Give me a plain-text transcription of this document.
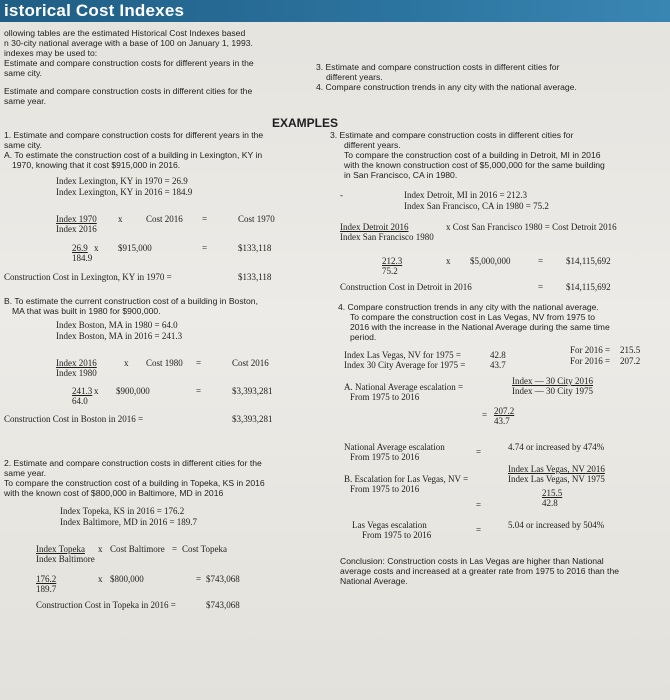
istorical Cost Indexes
ollowing tables are the estimated Historical Cost Indexes based
n 30-city national average with a base of 100 on January 1, 1993.
indexes may be used to:
Estimate and compare construction costs for different years in the
same city.
Estimate and compare construction costs in different cities for the
same year.
3. Estimate and compare construction costs in different cities for
different years.
4. Compare construction trends in any city with the national average.
EXAMPLES
1. Estimate and compare construction costs for different years in the
same city.
A. To estimate the construction cost of a building in Lexington, KY in
1970, knowing that it cost $915,000 in 2016.
Index Lexington, KY in 1970 = 26.9
Index Lexington, KY in 2016 = 184.9
Index 1970 x	Cost 2016 =	Cost 1970
Index 2016
26.9 x $915,000	=	$133,118
184.9
Construction Cost in Lexington, KY in 1970 =	$133,118
B. To estimate the current construction cost of a building in Boston,
MA that was built in 1980 for $900,000.
Index Boston, MA in 1980 = 64.0
Index Boston, MA in 2016 = 241.3
Index 2016	x Cost 1980 =	Cost 2016
Index 1980
241.3 x $900,000	=	$3,393,281
64.0
Construction Cost in Boston in 2016 =	$3,393,281
2. Estimate and compare construction costs in different cities for the
same year.
To compare the construction cost of a building in Topeka, KS in 2016
with the known cost of $800,000 in Baltimore, MD in 2016
Index Topeka, KS in 2016 = 176.2
Index Baltimore, MD in 2016 = 189.7
Index Topeka x Cost Baltimore = Cost Topeka
Index Baltimore
176.2	x $800,000	= $743,068
189.7
Construction Cost in Topeka in 2016 =	$743,068
3. Estimate and compare construction costs in different cities for
different years.
To compare the construction cost of a building in Detroit, MI in 2016
with the known construction cost of $5,000,000 for the same building
in San Francisco, CA in 1980.
-	Index Detroit, MI in 2016 = 212.3
Index San Francisco, CA in 1980 = 75.2
Index Detroit 2016	x Cost San Francisco 1980 = Cost Detroit 2016
Index San Francisco 1980
212.3	x $5,000,000	=	$14,115,692
75.2
Construction Cost in Detroit in 2016	=	$14,115,692
4. Compare construction trends in any city with the national average.
To compare the construction cost in Las Vegas, NV from 1975 to
2016 with the increase in the National Average during the same time
period.
Index Las Vegas, NV for 1975 =	42.8
Index 30 City Average for 1975 =	43.7
For 2016 = 215.5
For 2016 = 207.2
A. National Average escalation =
From 1975 to 2016
Index — 30 City 2016
Index — 30 City 1975
= 207.2
43.7
National Average escalation
From 1975 to 2016	=	4.74 or increased by 474%
B. Escalation for Las Vegas, NV =
From 1975 to 2016
Index Las Vegas, NV 2016
Index Las Vegas, NV 1975
215.5
42.8
=
Las Vegas escalation
From 1975 to 2016	=	5.04 or increased by 504%
Conclusion: Construction costs in Las Vegas are higher than National
average costs and increased at a greater rate from 1975 to 2016 than the
National Average.
